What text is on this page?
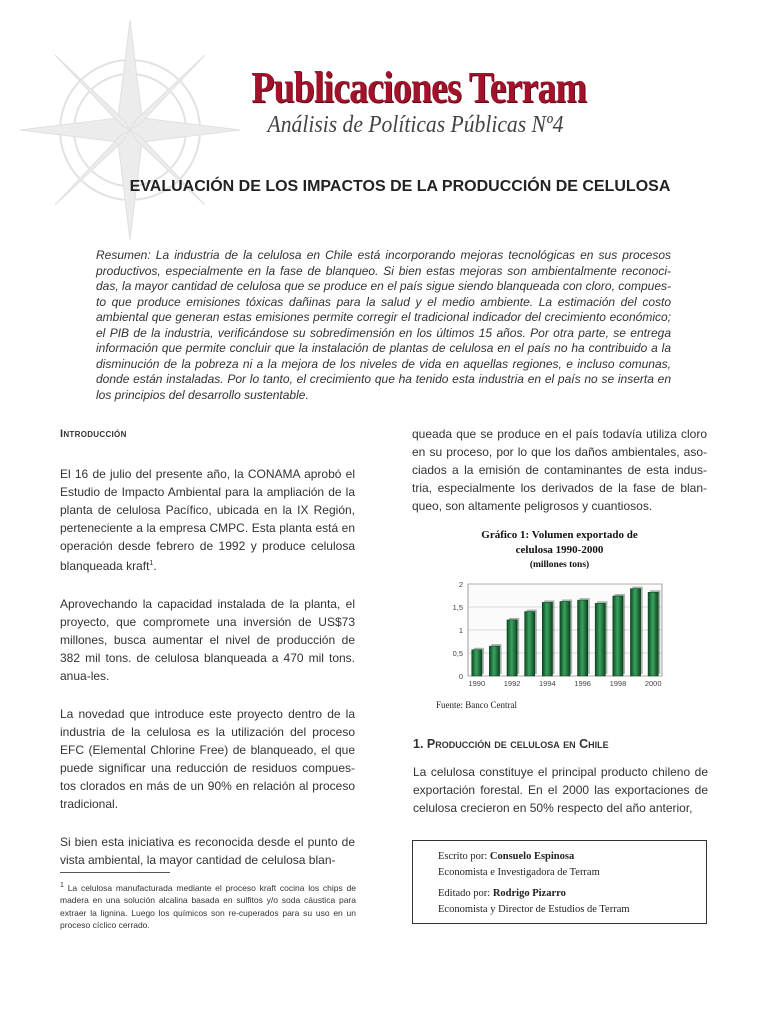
Publicaciones Terram
Análisis de Políticas Públicas Nº4
EVALUACIÓN DE LOS IMPACTOS DE LA PRODUCCIÓN DE CELULOSA
Resumen: La industria de la celulosa en Chile está incorporando mejoras tecnológicas en sus procesos productivos, especialmente en la fase de blanqueo. Si bien estas mejoras son ambientalmente reconoci-das, la mayor cantidad de celulosa que se produce en el país sigue siendo blanqueada con cloro, compues-to que produce emisiones tóxicas dañinas para la salud y el medio ambiente. La estimación del costo ambiental que generan estas emisiones permite corregir el tradicional indicador del crecimiento económico; el PIB de la industria, verificándose su sobredimensión en los últimos 15 años. Por otra parte, se entrega información que permite concluir que la instalación de plantas de celulosa en el país no ha contribuido a la disminución de la pobreza ni a la mejora de los niveles de vida en aquellas regiones, e incluso comunas, donde están instaladas. Por lo tanto, el crecimiento que ha tenido esta industria en el país no se inserta en los principios del desarrollo sustentable.
Introducción

El 16 de julio del presente año, la CONAMA aprobó el Estudio de Impacto Ambiental para la ampliación de la planta de celulosa Pacífico, ubicada en la IX Región, perteneciente a la empresa CMPC. Esta planta está en operación desde febrero de 1992 y produce celulosa blanqueada kraft$^1$.

Aprovechando la capacidad instalada de la planta, el proyecto, que compromete una inversión de US$73 millones, busca aumentar el nivel de producción de 382 mil tons. de celulosa blanqueada a 470 mil tons. anua-les.

La novedad que introduce este proyecto dentro de la industria de la celulosa es la utilización del proceso EFC (Elemental Chlorine Free) de blanqueado, el que puede significar una reducción de residuos compues-tos clorados en más de un 90% en relación al proceso tradicional.

Si bien esta iniciativa es reconocida desde el punto de vista ambiental, la mayor cantidad de celulosa blan-

$^1$ La celulosa manufacturada mediante el proceso kraft cocina los chips de madera en una solución alcalina basada en sulfitos y/o soda cáustica para extraer la lignina. Luego los químicos son re-cuperados para su uso en un proceso cíclico cerrado.

queada que se produce en el país todavía utiliza cloro en su proceso, por lo que los daños ambientales, aso-ciados a la emisión de contaminantes de esta indus-tria, especialmente los derivados de la fase de blan-queo, son altamente peligrosos y cuantiosos.

Gráfico 1: Volumen exportado de celulosa 1990-2000
(millones tons)
0
0,5
1
1,5
2
1990 1992 1994 1996 1998 2000
Fuente: Banco Central
1. Producción de celulosa en Chile
La celulosa constituye el principal producto chileno de exportación forestal. En el 2000 las exportaciones de celulosa crecieron en 50% respecto del año anterior,
Escrito por: Consuelo Espinosa
Economista e Investigadora de Terram
Editado por: Rodrigo Pizarro
Economista y Director de Estudios de Terram
